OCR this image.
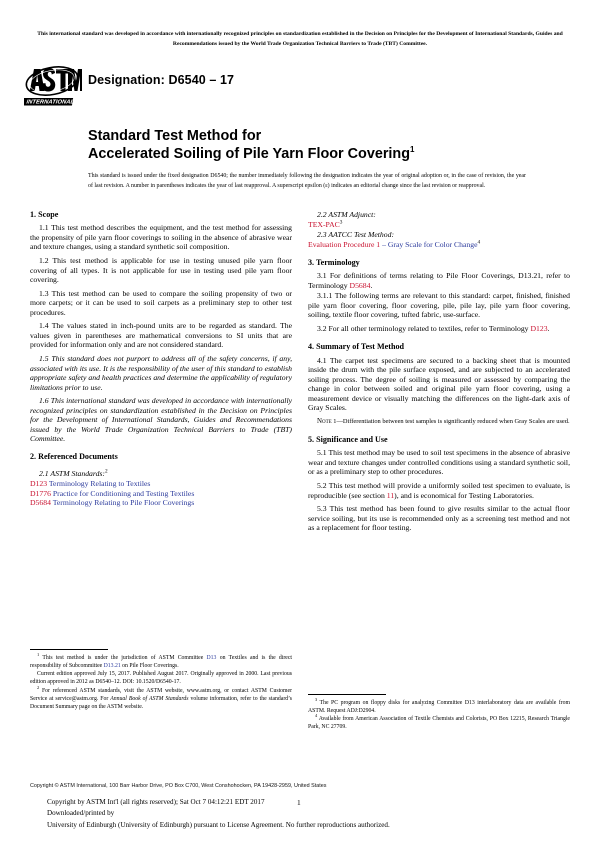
This international standard was developed in accordance with internationally recognized principles on standardization established in the Decision on Principles for the Development of International Standards, Guides and Recommendations issued by the World Trade Organization Technical Barriers to Trade (TBT) Committee.
INTERNATIONAL
Designation: D6540 – 17
Standard Test Method for
Accelerated Soiling of Pile Yarn Floor Covering$^1$
This standard is issued under the fixed designation D6540; the number immediately following the designation indicates the year of original adoption or, in the case of revision, the year of last revision. A number in parentheses indicates the year of last reapproval. A superscript epsilon (ε) indicates an editorial change since the last revision or reapproval.
1. Scope

1.1 This test method describes the equipment, and the test method for assessing the propensity of pile yarn floor coverings to soiling in the absence of abrasive wear and texture changes, using a standard synthetic soil composition.

1.2 This test method is applicable for use in testing unused pile yarn floor covering of all types. It is not applicable for use in testing used pile yarn floor covering.

1.3 This test method can be used to compare the soiling propensity of two or more carpets; or it can be used to soil carpets as a preliminary step to other test procedures.

1.4 The values stated in inch-pound units are to be regarded as standard. The values given in parentheses are mathematical conversions to SI units that are provided for information only and are not considered standard.

1.5 This standard does not purport to address all of the safety concerns, if any, associated with its use. It is the responsibility of the user of this standard to establish appropriate safety and health practices and determine the applicability of regulatory limitations prior to use.

1.6 This international standard was developed in accordance with internationally recognized principles on standardization established in the Decision on Principles for the Development of International Standards, Guides and Recommendations issued by the World Trade Organization Technical Barriers to Trade (TBT) Committee.

2. Referenced Documents

2.1 ASTM Standards:$^2$

D123 Terminology Relating to Textiles

D1776 Practice for Conditioning and Testing Textiles

D5684 Terminology Relating to Pile Floor Coverings

2.2 ASTM Adjunct:

TEX-PAC$^3$

2.3 AATCC Test Method:

Evaluation Procedure 1 – Gray Scale for Color Change$^4$

3. Terminology

3.1 For definitions of terms relating to Pile Floor Coverings, D13.21, refer to Terminology D5684.

3.1.1 The following terms are relevant to this standard: carpet, finished, finished pile yarn floor covering, floor covering, pile, pile lay, pile yarn floor covering, soiling, textile floor covering, tufted fabric, use-surface.

3.2 For all other terminology related to textiles, refer to Terminology D123.

4. Summary of Test Method

4.1 The carpet test specimens are secured to a backing sheet that is mounted inside the drum with the pile surface exposed, and are subjected to an accelerated soiling process. The degree of soiling is measured or assessed by comparing the change in color between soiled and original pile yarn floor covering, using a measurement device or visually matching the differences on the light-dark axis of Gray Scales.

Note 1—Differentiation between test samples is significantly reduced when Gray Scales are used.

5. Significance and Use

5.1 This test method may be used to soil test specimens in the absence of abrasive wear and texture changes under controlled conditions using a standard synthetic soil, or as a preliminary step to other procedures.

5.2 This test method will provide a uniformly soiled test specimen to evaluate, is reproducible (see section 11), and is economical for Testing Laboratories.

5.3 This test method has been found to give results similar to the actual floor service soiling, but its use is recommended only as a screening test method and not as a replacement for floor testing.

$^1$ This test method is under the jurisdiction of ASTM Committee D13 on Textiles and is the direct responsibility of Subcommittee D13.21 on Pile Floor Coverings.

Current edition approved July 15, 2017. Published August 2017. Originally approved in 2000. Last previous edition approved in 2012 as D6540–12. DOI: 10.1520/D6540-17.

$^2$ For referenced ASTM standards, visit the ASTM website, www.astm.org, or contact ASTM Customer Service at service@astm.org. For Annual Book of ASTM Standards volume information, refer to the standard’s Document Summary page on the ASTM website.

$^3$ The PC program on floppy disks for analyzing Committee D13 interlaboratory data are available from ASTM. Request ADJ:D2904.

$^4$ Available from American Association of Textile Chemists and Colorists, PO Box 12215, Research Triangle Park, NC 27709.

Copyright © ASTM International, 100 Barr Harbor Drive, PO Box C700, West Conshohocken, PA 19428-2959, United States
Copyright by ASTM Int'l (all rights reserved); Sat Oct 7 04:12:21 EDT 2017
Downloaded/printed by
University of Edinburgh (University of Edinburgh) pursuant to License Agreement. No further reproductions authorized.
1
